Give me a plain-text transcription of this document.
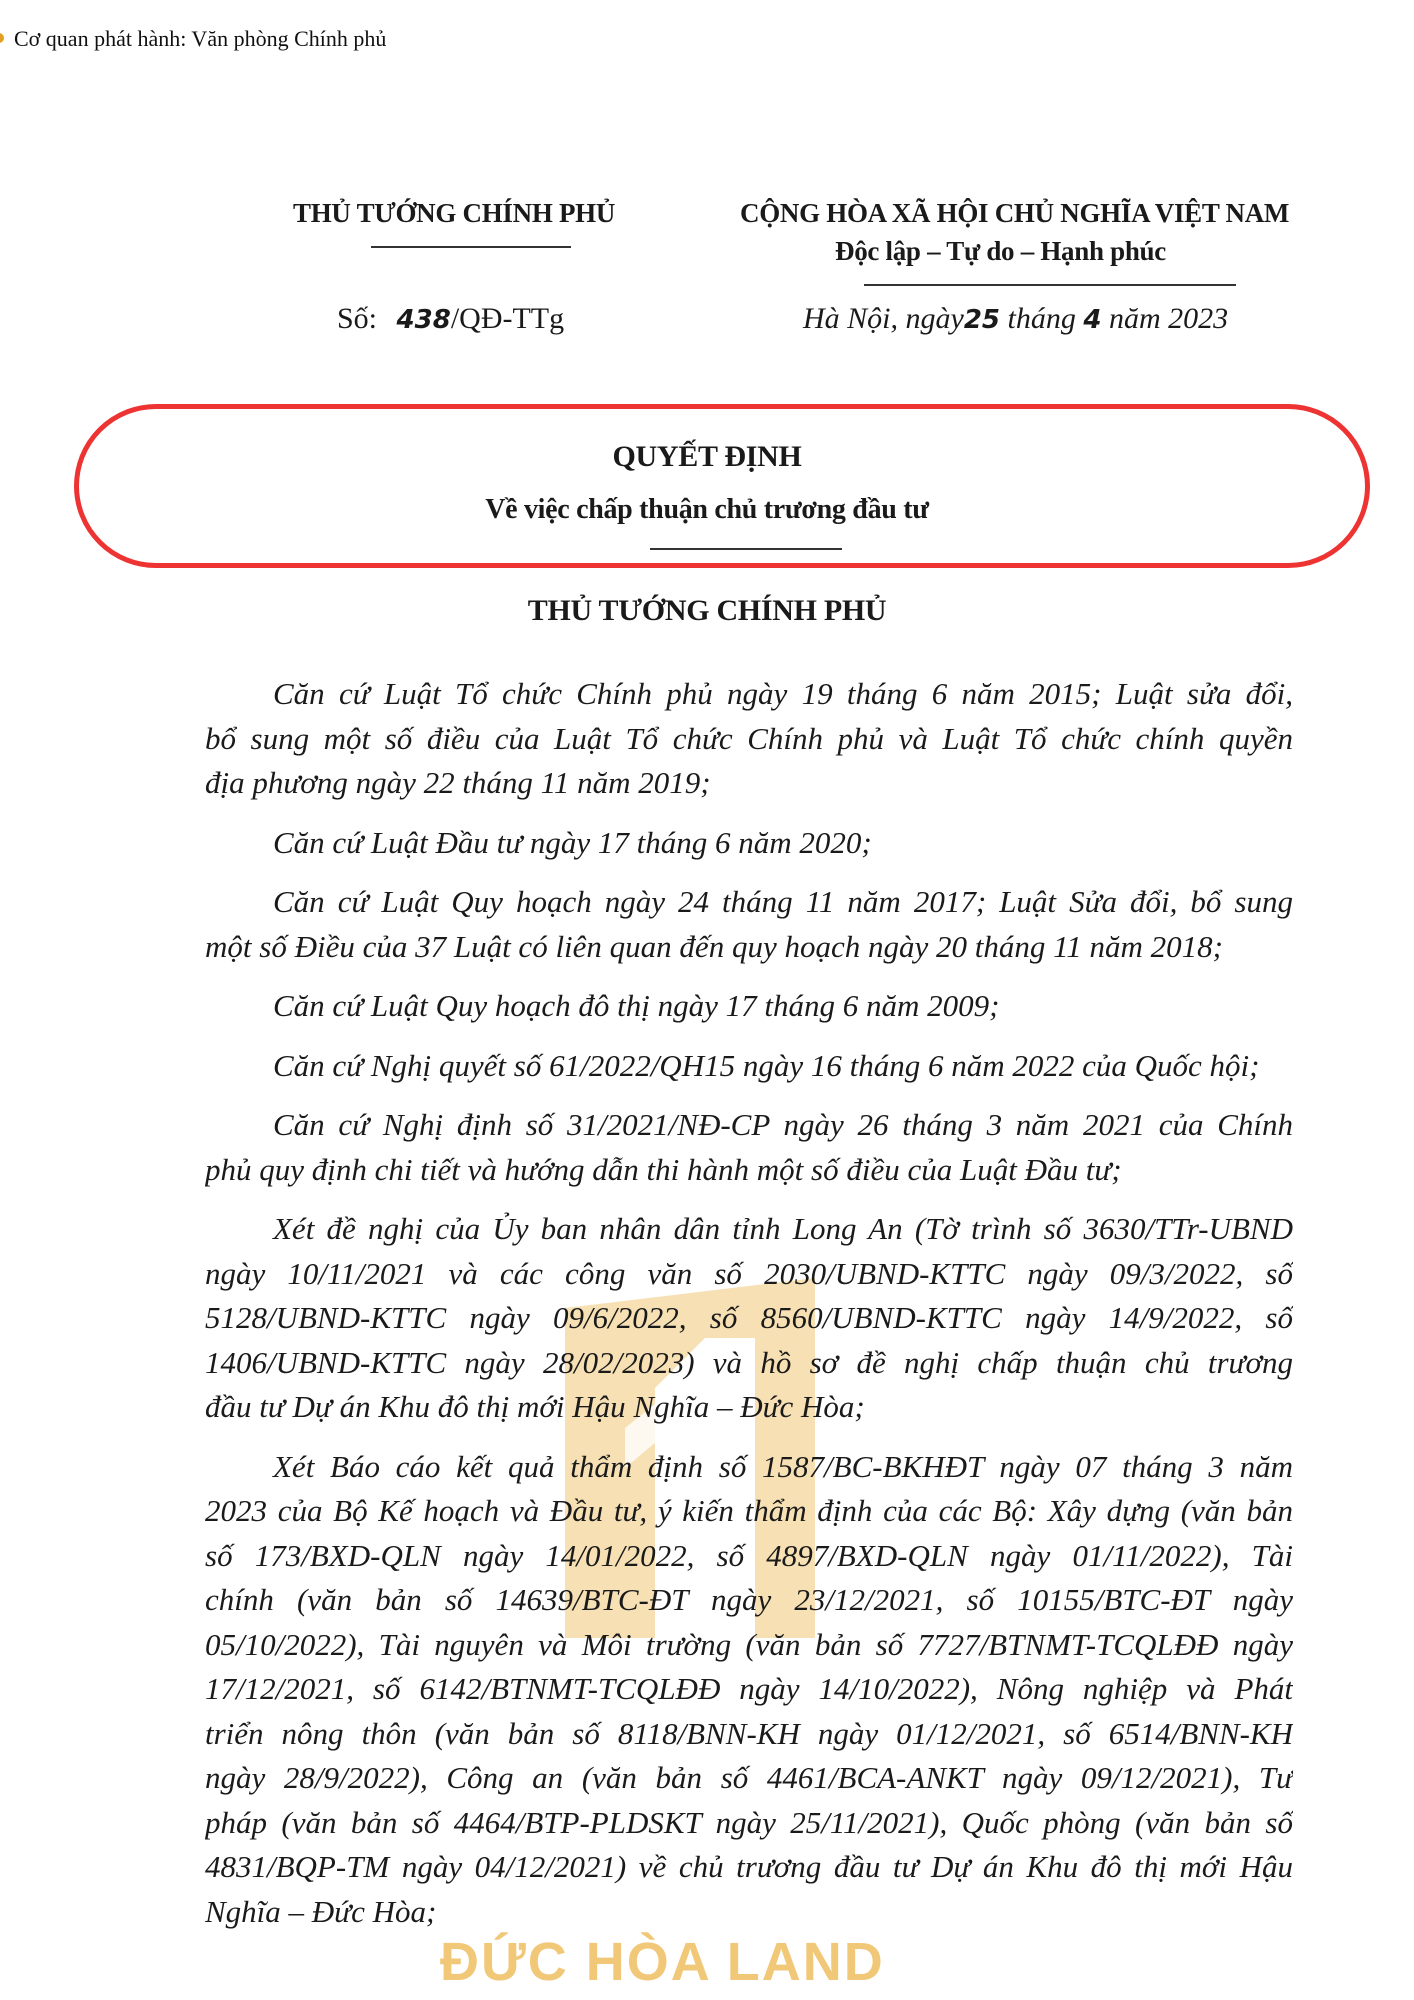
Cơ quan phát hành: Văn phòng Chính phủ
THỦ TƯỚNG CHÍNH PHỦ	CỘNG HÒA XÃ HỘI CHỦ NGHĨA VIỆT NAM
Độc lập – Tự do – Hạnh phúc
Số: 438/QĐ-TTg	Hà Nội, ngày25 tháng 4 năm 2023
QUYẾT ĐỊNH
Về việc chấp thuận chủ trương đầu tư
THỦ TƯỚNG CHÍNH PHỦ
Căn cứ Luật Tổ chức Chính phủ ngày 19 tháng 6 năm 2015; Luật sửa đổi,
bổ sung một số điều của Luật Tổ chức Chính phủ và Luật Tổ chức chính quyền
địa phương ngày 22 tháng 11 năm 2019;
Căn cứ Luật Đầu tư ngày 17 tháng 6 năm 2020;
Căn cứ Luật Quy hoạch ngày 24 tháng 11 năm 2017; Luật Sửa đổi, bổ sung
một số Điều của 37 Luật có liên quan đến quy hoạch ngày 20 tháng 11 năm 2018;
Căn cứ Luật Quy hoạch đô thị ngày 17 tháng 6 năm 2009;
Căn cứ Nghị quyết số 61/2022/QH15 ngày 16 tháng 6 năm 2022 của Quốc hội;
Căn cứ Nghị định số 31/2021/NĐ-CP ngày 26 tháng 3 năm 2021 của Chính
phủ quy định chi tiết và hướng dẫn thi hành một số điều của Luật Đầu tư;
Xét đề nghị của Ủy ban nhân dân tỉnh Long An (Tờ trình số 3630/TTr-UBND
ngày 10/11/2021 và các công văn số 2030/UBND-KTTC ngày 09/3/2022, số
5128/UBND-KTTC ngày 09/6/2022, số 8560/UBND-KTTC ngày 14/9/2022, số
1406/UBND-KTTC ngày 28/02/2023) và hồ sơ đề nghị chấp thuận chủ trương
đầu tư Dự án Khu đô thị mới Hậu Nghĩa – Đức Hòa;
Xét Báo cáo kết quả thẩm định số 1587/BC-BKHĐT ngày 07 tháng 3 năm
2023 của Bộ Kế hoạch và Đầu tư, ý kiến thẩm định của các Bộ: Xây dựng (văn bản
số 173/BXD-QLN ngày 14/01/2022, số 4897/BXD-QLN ngày 01/11/2022), Tài
chính (văn bản số 14639/BTC-ĐT ngày 23/12/2021, số 10155/BTC-ĐT ngày
05/10/2022), Tài nguyên và Môi trường (văn bản số 7727/BTNMT-TCQLĐĐ ngày
17/12/2021, số 6142/BTNMT-TCQLĐĐ ngày 14/10/2022), Nông nghiệp và Phát
triển nông thôn (văn bản số 8118/BNN-KH ngày 01/12/2021, số 6514/BNN-KH
ngày 28/9/2022), Công an (văn bản số 4461/BCA-ANKT ngày 09/12/2021), Tư
pháp (văn bản số 4464/BTP-PLDSKT ngày 25/11/2021), Quốc phòng (văn bản số
4831/BQP-TM ngày 04/12/2021) về chủ trương đầu tư Dự án Khu đô thị mới Hậu
Nghĩa – Đức Hòa;
ĐỨC HÒA LAND
